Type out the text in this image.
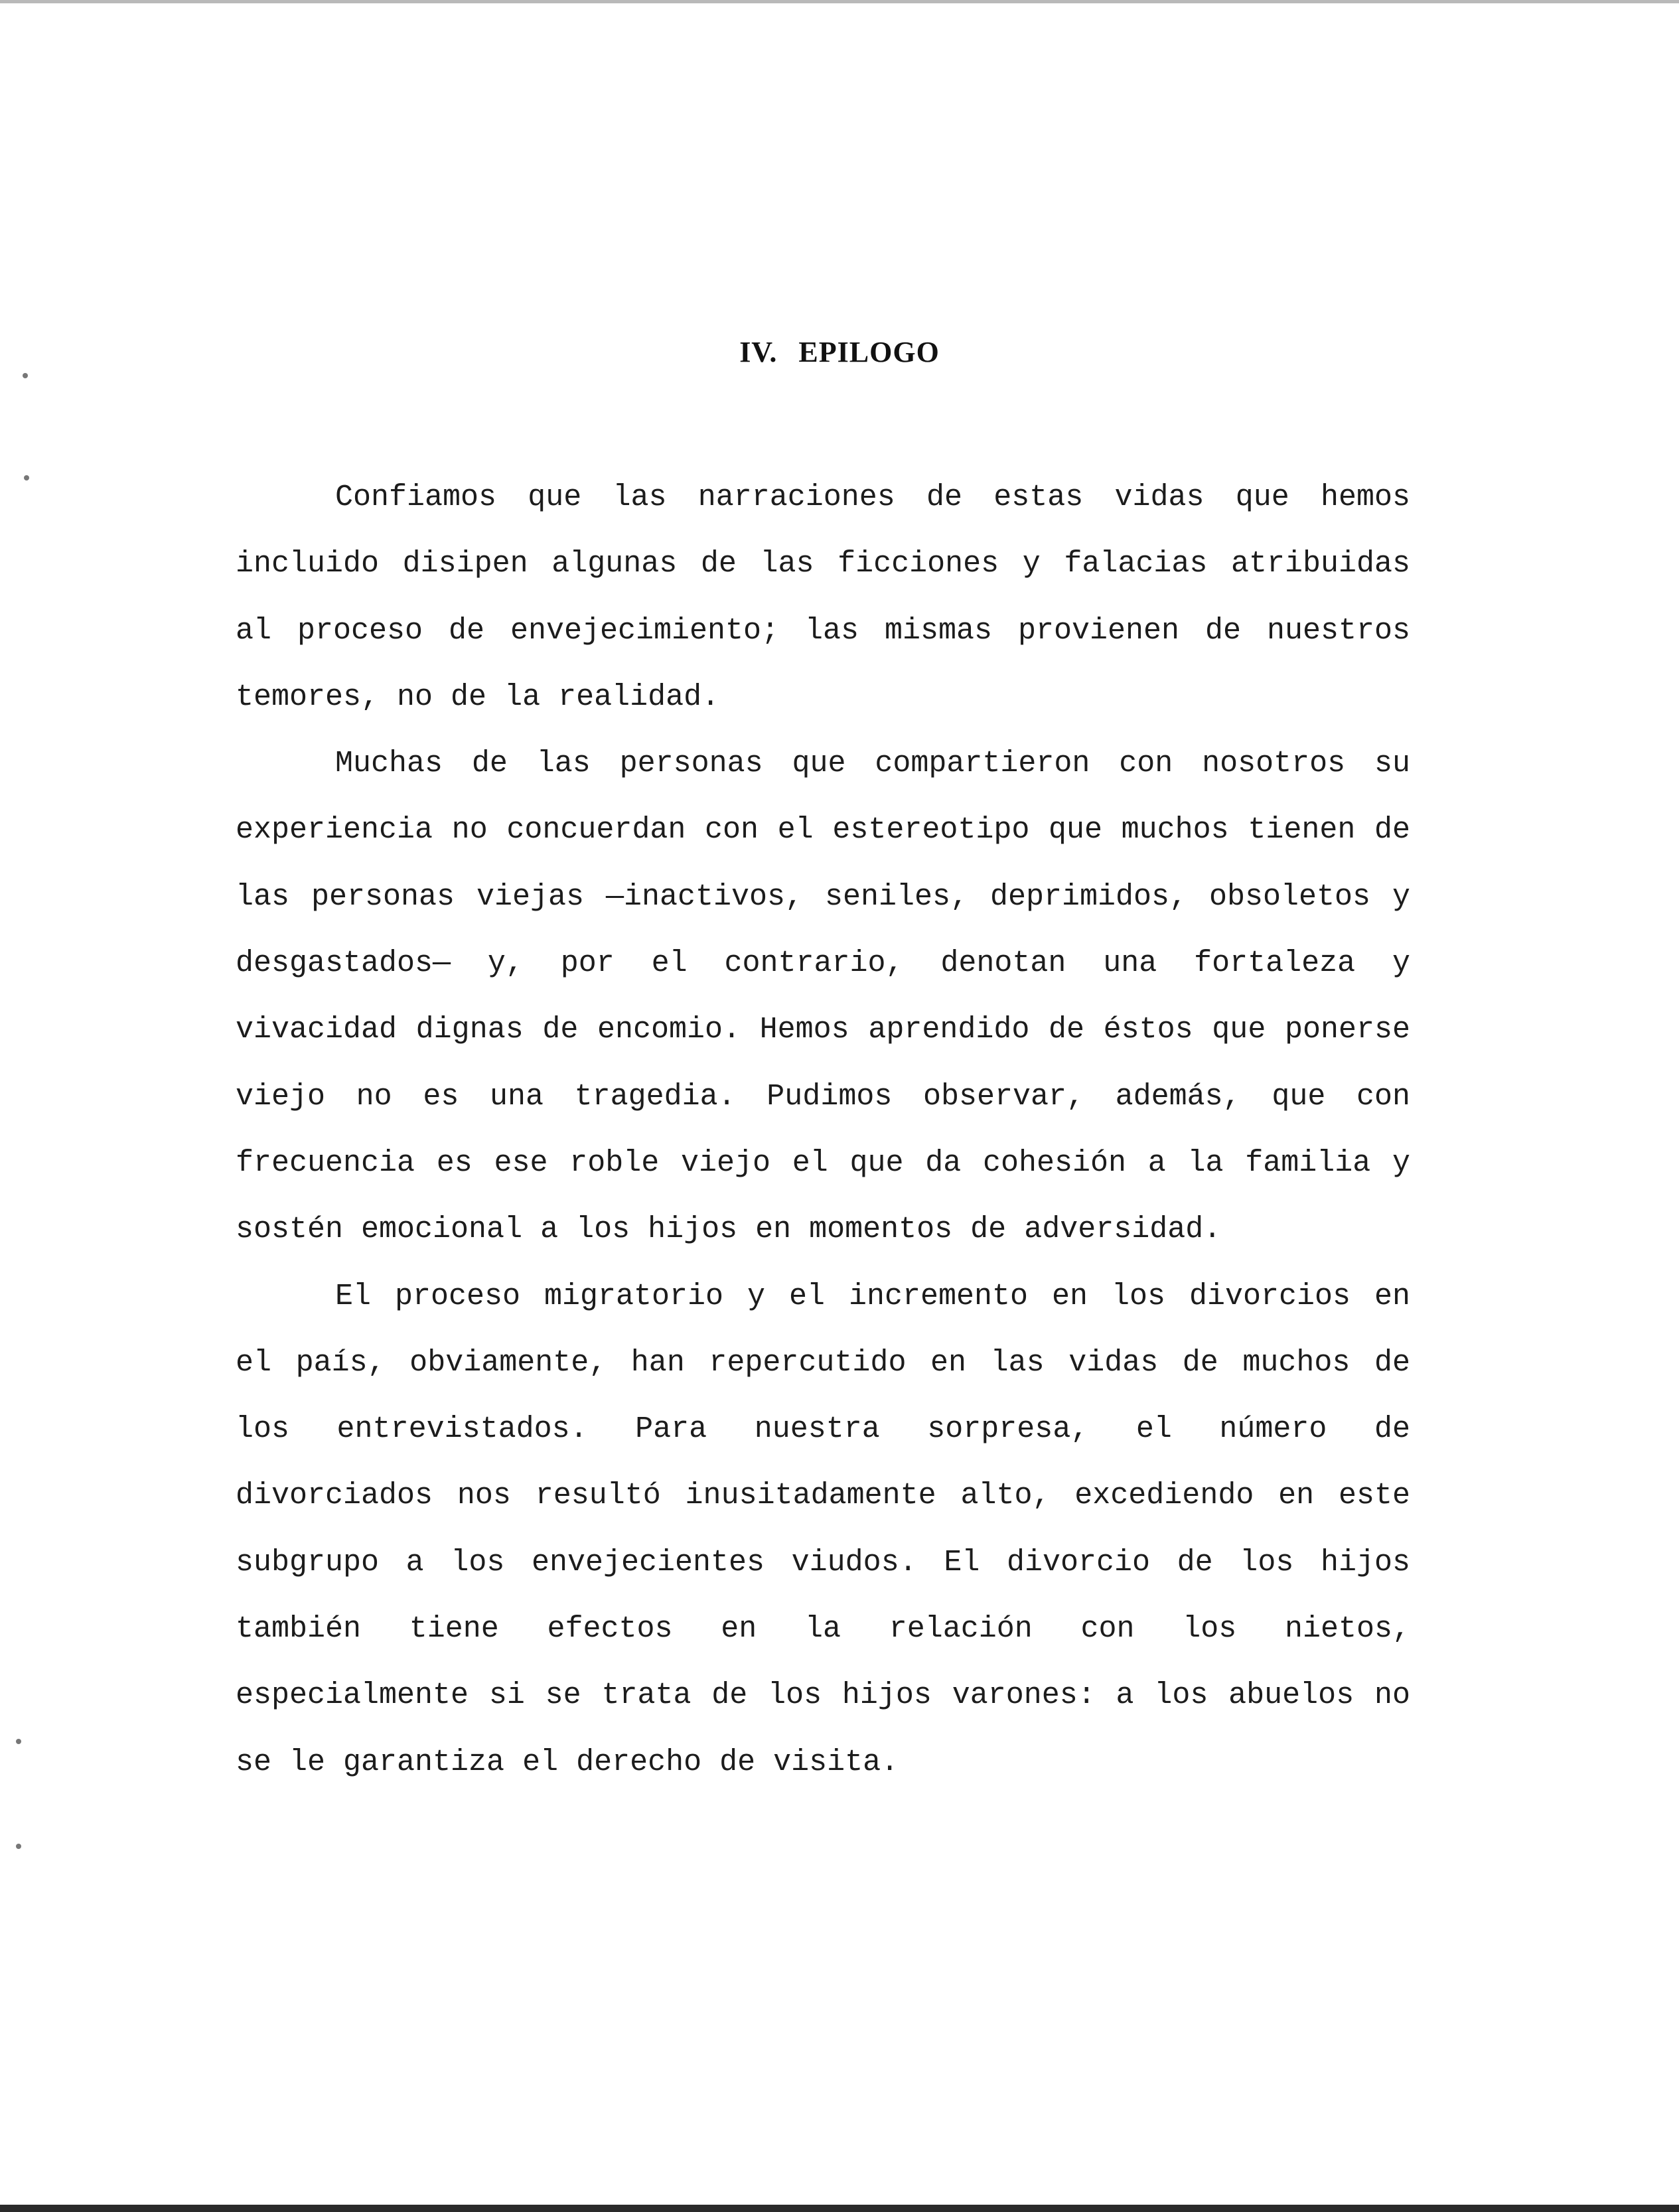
IV. EPILOGO

Confiamos que las narraciones de estas vidas que hemos incluido disipen algunas de las ficciones y falacias atribuidas al proceso de envejecimiento; las mismas provienen de nuestros temores, no de la realidad.

Muchas de las personas que compartieron con nosotros su experiencia no concuerdan con el estereotipo que muchos tienen de las personas viejas —inactivos, seniles, deprimidos, obsoletos y desgastados— y, por el contrario, denotan una fortaleza y vivacidad dignas de encomio. Hemos aprendido de éstos que ponerse viejo no es una tragedia. Pudimos observar, además, que con frecuencia es ese roble viejo el que da cohesión a la familia y sostén emocional a los hijos en momentos de adversidad.

El proceso migratorio y el incremento en los divorcios en el país, obviamente, han repercutido en las vidas de muchos de los entrevistados. Para nuestra sorpresa, el número de divorciados nos resultó inusitadamente alto, excediendo en este subgrupo a los envejecientes viudos. El divorcio de los hijos también tiene efectos en la relación con los nietos, especialmente si se trata de los hijos varones: a los abuelos no se le garantiza el derecho de visita.
